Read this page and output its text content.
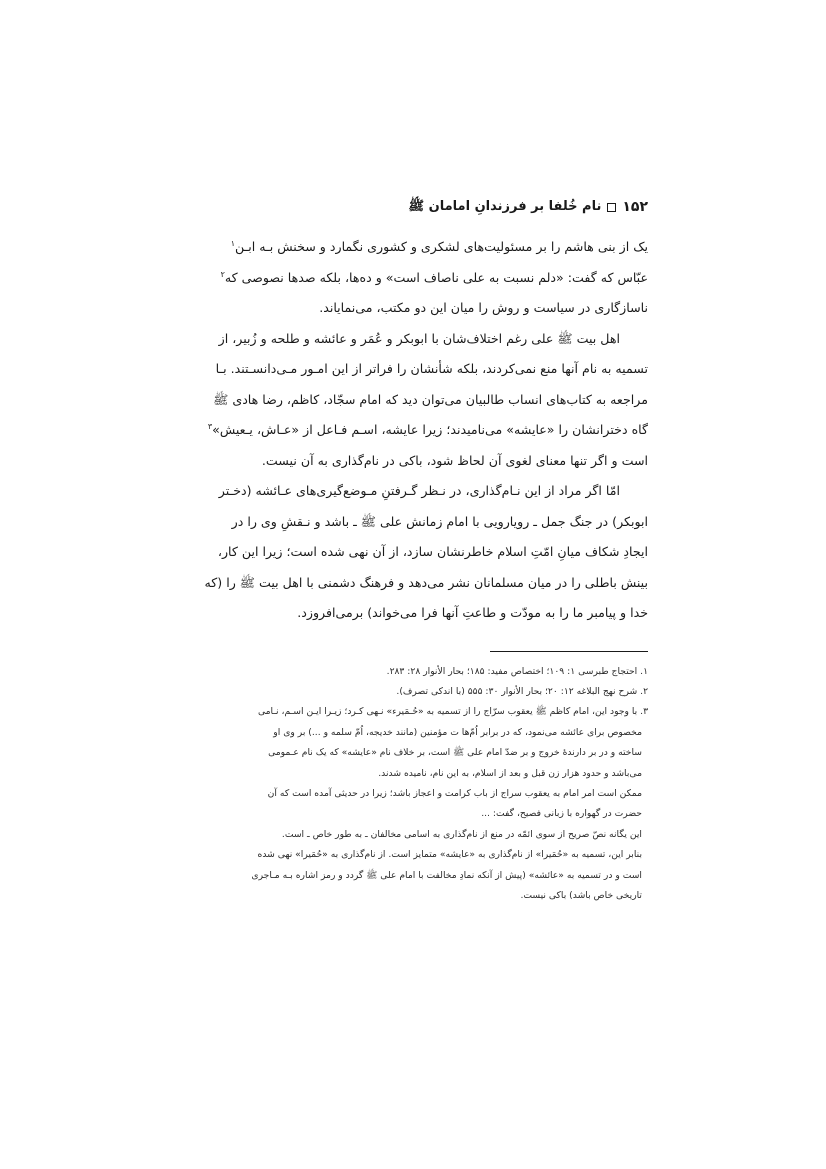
۱۵۲
نام خُلفا بر فرزندانِ امامان ﷺ

یک از بنی هاشم را بر مسئولیت‌های لشکری و کشوری نگمارد و سخنش بـه ابـن$^۱$

عبّاس که گفت: «دلم نسبت به علی ناصاف است» و ده‌ها، بلکه صدها نصوصی که$^۲$

ناسازگاری در سیاست و روش را میان این دو مکتب، می‌نمایاند.

اهل بیت ﷺ علی رغم اختلاف‌شان با ابوبکر و عُمَر و عائشه و طلحه و زُبیر، از

تسمیه به نام آنها منع نمی‌کردند، بلکه شأنشان را فراتر از این امـور مـی‌دانسـتند. بـا

مراجعه به کتاب‌های انساب طالبیان می‌توان دید که امام سجّاد، کاظم، رضا هادی ﷺ

گاه دخترانشان را «عایشه» می‌نامیدند؛ زیرا عایشه، اسـم فـاعل از «عـاش، یـعیش»$^۳$

است و اگر تنها معنای لغوی آن لحاظ شود، باکی در نام‌گذاری به آن نیست.

امّا اگر مراد از این نـام‌گذاری، در نـظر گـرفتنِ مـوضع‌گیری‌های عـائشه (دخـتر

ابوبکر) در جنگ جمل ـ رویارویی با امام زمانش علی ﷺ ـ باشد و نـقشِ وی را در

ایجادِ شکاف میانِ امّتِ اسلام خاطرنشان سازد، از آن نهی شده است؛ زیرا این کار،

بینش باطلی را در میان مسلمانان نشر می‌دهد و فرهنگ دشمنی با اهل بیت ﷺ را (که

خدا و پیامبر ما را به مودّت و طاعتِ آنها فرا می‌خواند) برمی‌افروزد.

۱. احتجاج طبرسی ۱: ۱۰۹؛ اختصاص مفید: ۱۸۵؛ بحار الأنوار ۲۸: ۲۸۳.

۲. شرح نهج البلاغه ۱۲: ۲۰؛ بحار الأنوار ۳۰: ۵۵۵ (با اندکی تصرف).

۳. با وجود این، امام کاظم ﷺ یعقوب سرّاج را از تسمیه به «حُـمَیرء» نـهی کـرد؛ زیـرا ایـن اسـم، نـامی

مخصوص برای عائشه می‌نمود، که در برابر اُمّ‌ها ت مؤمنین (مانند خدیجه، اُمّ سلمه و ...) بر وی او

ساخته و در بر دارندهٔ خروج و بر ضدّ امام علی ﷺ است، بر خلاف نام «عایشه» که یک نام عـمومی

می‌باشد و حدود هزار زن قبل و بعد از اسلام، به این نام، نامیده شدند.

ممکن است امر امام به یعقوب سراج از باب کرامت و اعجاز باشد؛ زیرا در حدیثی آمده است که آن

حضرت در گهواره با زبانی فصیح، گفت: ...

این یگانه نصّ صریح از سوی ائمّه در منع از نام‌گذاری به اسامی مخالفان ـ به طور خاص ـ است.

بنابر این، تسمیه به «حُمَیرا» از نام‌گذاری به «عایشه» متمایز است. از نام‌گذاری به «حُمَیرا» نهی شده

است و در تسمیه به «عائشه» (پیش از آنکه نمادِ مخالفت با امام علی ﷺ گردد و رمز اشاره بـه مـاجری

تاریخی خاص باشد) باکی نیست.
